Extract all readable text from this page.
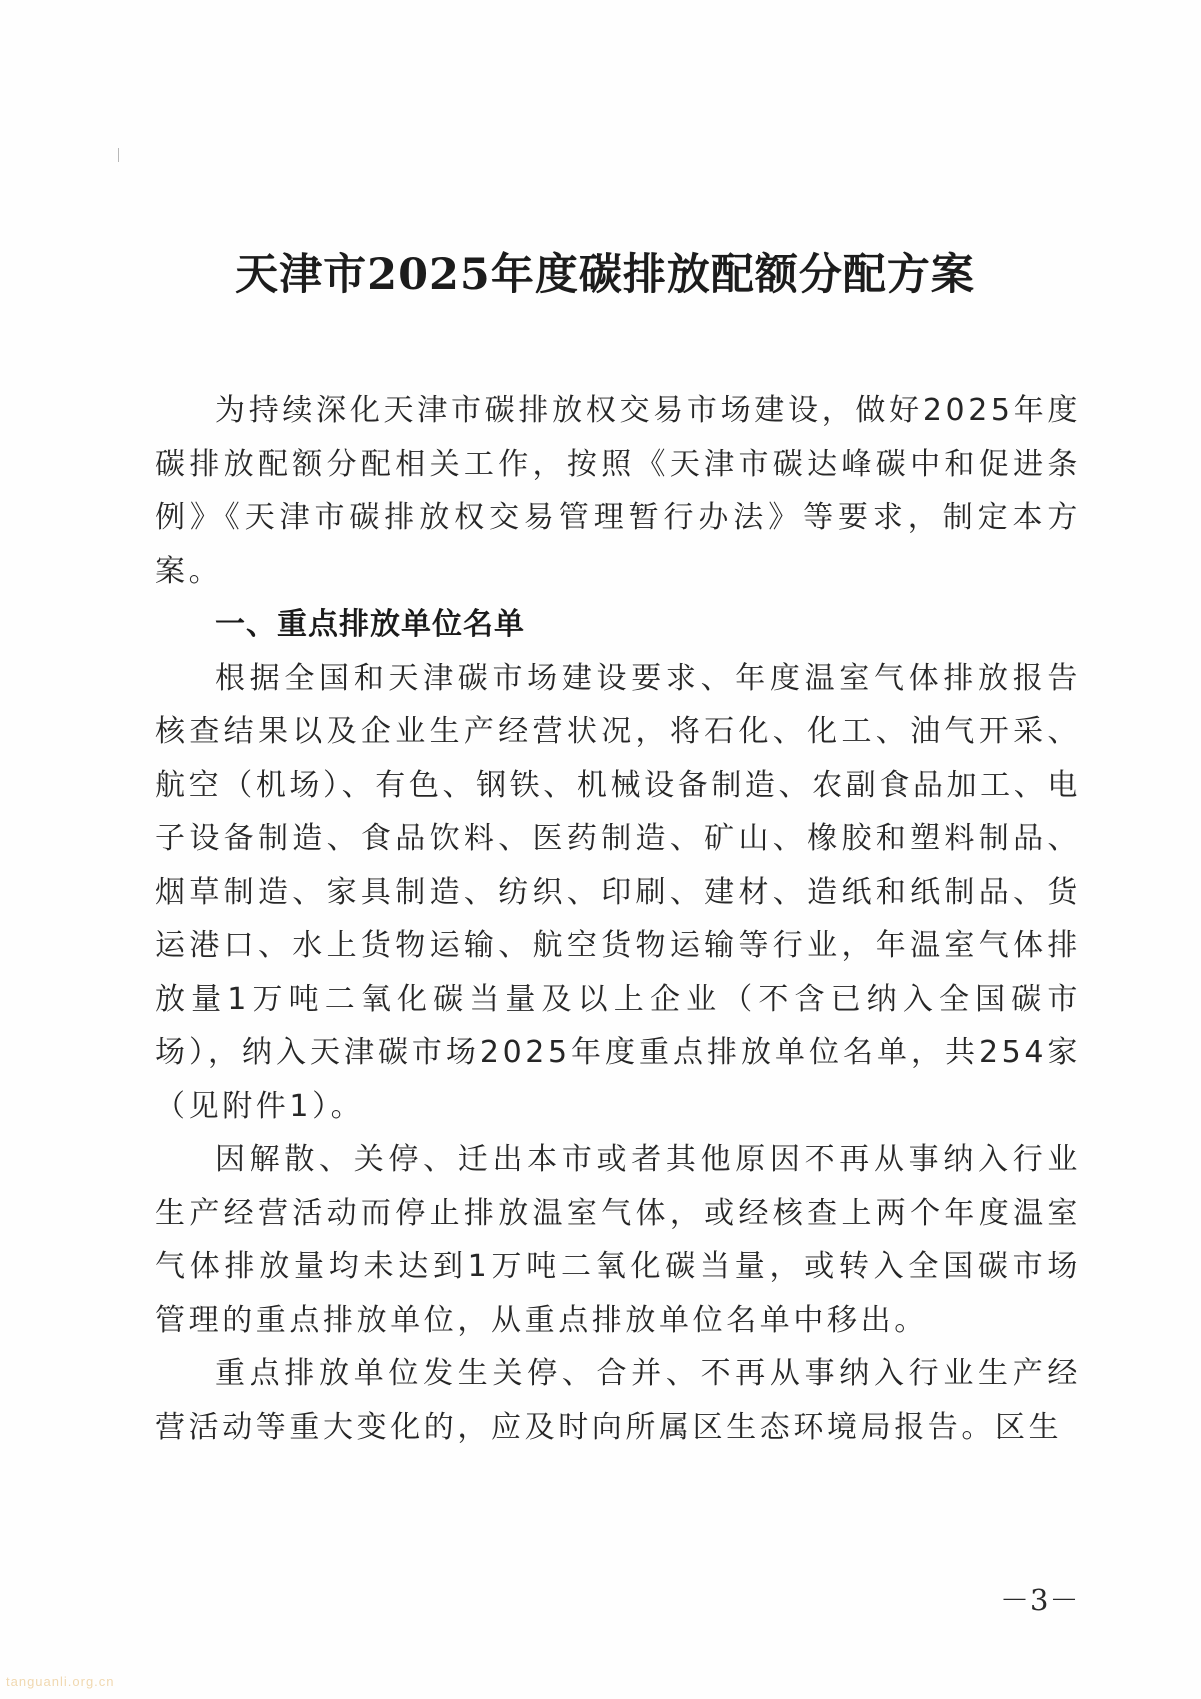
天津市2025年度碳排放配额分配方案

为持续深化天津市碳排放权交易市场建设，做好2025年度碳排放配额分配相关工作，按照《天津市碳达峰碳中和促进条例》《天津市碳排放权交易管理暂行办法》等要求，制定本方案。

一、重点排放单位名单

根据全国和天津碳市场建设要求、年度温室气体排放报告核查结果以及企业生产经营状况，将石化、化工、油气开采、航空（机场）、有色、钢铁、机械设备制造、农副食品加工、电子设备制造、食品饮料、医药制造、矿山、橡胶和塑料制品、烟草制造、家具制造、纺织、印刷、建材、造纸和纸制品、货运港口、水上货物运输、航空货物运输等行业，年温室气体排放量1万吨二氧化碳当量及以上企业（不含已纳入全国碳市场），纳入天津碳市场2025年度重点排放单位名单，共254家（见附件1）。

因解散、关停、迁出本市或者其他原因不再从事纳入行业生产经营活动而停止排放温室气体，或经核查上两个年度温室气体排放量均未达到1万吨二氧化碳当量，或转入全国碳市场管理的重点排放单位，从重点排放单位名单中移出。

重点排放单位发生关停、合并、不再从事纳入行业生产经营活动等重大变化的，应及时向所属区生态环境局报告。区生

－3－
tanguanli.org.cn
